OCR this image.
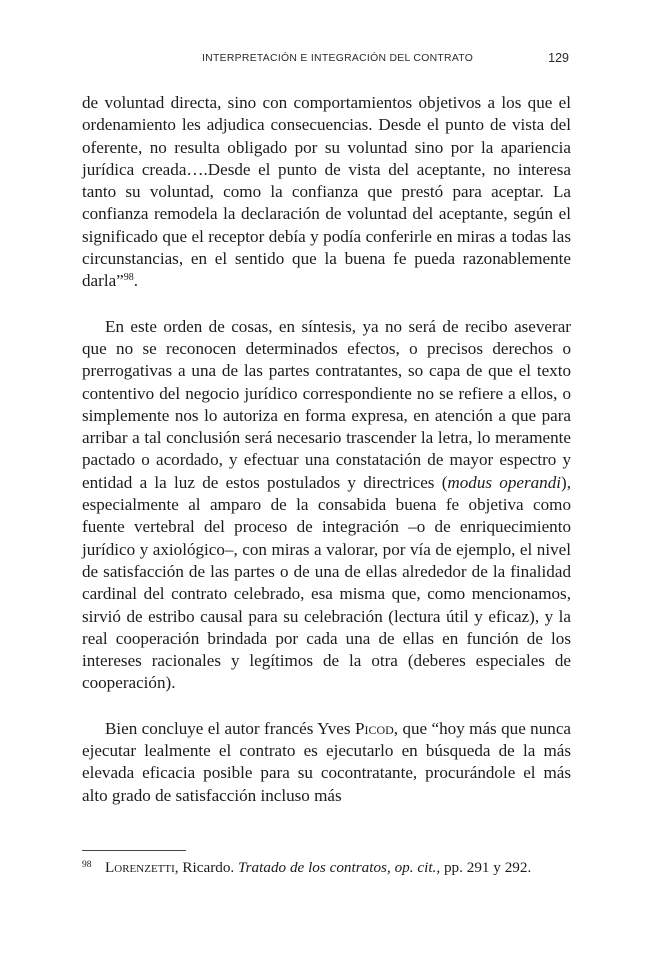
INTERPRETACIÓN E INTEGRACIÓN DEL CONTRATO	129

de voluntad directa, sino con comportamientos objetivos a los que el ordenamiento les adjudica consecuencias. Desde el punto de vista del oferente, no resulta obligado por su voluntad sino por la apariencia jurídica creada….Desde el punto de vista del aceptante, no interesa tanto su voluntad, como la confianza que prestó para aceptar. La confianza remodela la declaración de voluntad del aceptante, según el significado que el receptor debía y podía conferirle en miras a todas las circunstancias, en el sentido que la buena fe pueda razonablemente darla”$^{98}$.

En este orden de cosas, en síntesis, ya no será de recibo aseverar que no se reconocen determinados efectos, o precisos derechos o prerrogativas a una de las partes contratantes, so capa de que el texto contentivo del negocio jurídico correspondiente no se refiere a ellos, o simplemente nos lo autoriza en forma expresa, en atención a que para arribar a tal conclusión será necesario trascender la letra, lo meramente pactado o acordado, y efectuar una constatación de mayor espectro y entidad a la luz de estos postulados y directrices (modus operandi), especialmente al amparo de la consabida buena fe objetiva como fuente vertebral del proceso de integración –o de enriquecimiento jurídico y axiológico–, con miras a valorar, por vía de ejemplo, el nivel de satisfacción de las partes o de una de ellas alrededor de la finalidad cardinal del contrato celebrado, esa misma que, como mencionamos, sirvió de estribo causal para su celebración (lectura útil y eficaz), y la real cooperación brindada por cada una de ellas en función de los intereses racionales y legítimos de la otra (deberes especiales de cooperación).

Bien concluye el autor francés Yves Picod, que “hoy más que nunca ejecutar lealmente el contrato es ejecutarlo en búsqueda de la más elevada eficacia posible para su cocontratante, procurándole el más alto grado de satisfacción incluso más

98 Lorenzetti, Ricardo. Tratado de los contratos, op. cit., pp. 291 y 292.
